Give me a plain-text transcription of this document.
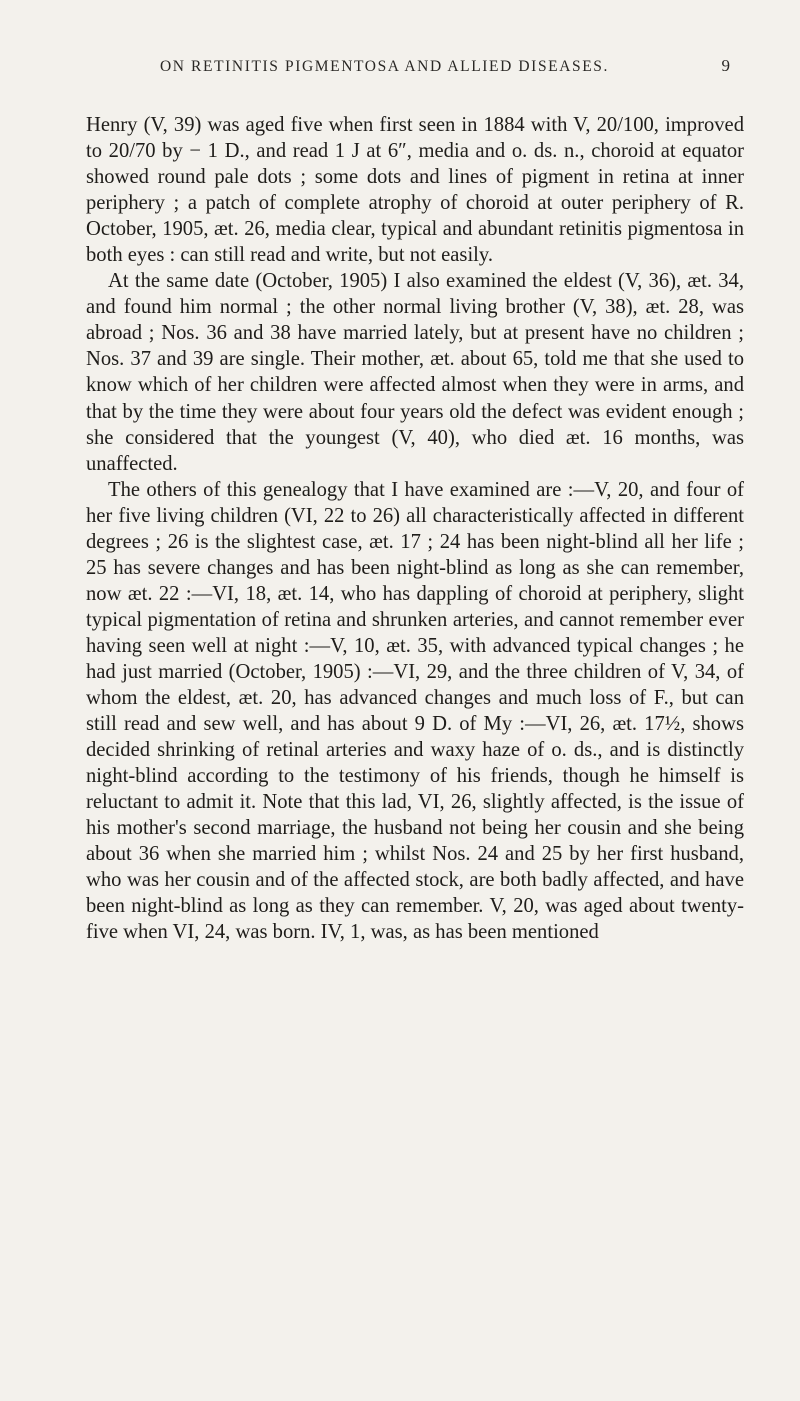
ON RETINITIS PIGMENTOSA AND ALLIED DISEASES.	9

Henry (V, 39) was aged five when first seen in 1884 with V, 20/100, improved to 20/70 by − 1 D., and read 1 J at 6″, media and o. ds. n., choroid at equator showed round pale dots ; some dots and lines of pigment in retina at inner periphery ; a patch of complete atrophy of choroid at outer periphery of R. October, 1905, æt. 26, media clear, typical and abundant retinitis pigmentosa in both eyes : can still read and write, but not easily.

At the same date (October, 1905) I also examined the eldest (V, 36), æt. 34, and found him normal ; the other normal living brother (V, 38), æt. 28, was abroad ; Nos. 36 and 38 have married lately, but at present have no children ; Nos. 37 and 39 are single. Their mother, æt. about 65, told me that she used to know which of her children were affected almost when they were in arms, and that by the time they were about four years old the defect was evident enough ; she considered that the youngest (V, 40), who died æt. 16 months, was unaffected.

The others of this genealogy that I have examined are :—V, 20, and four of her five living children (VI, 22 to 26) all characteristically affected in different degrees ; 26 is the slightest case, æt. 17 ; 24 has been night-blind all her life ; 25 has severe changes and has been night-blind as long as she can remember, now æt. 22 :—VI, 18, æt. 14, who has dappling of choroid at periphery, slight typical pigmentation of retina and shrunken arteries, and cannot remember ever having seen well at night :—V, 10, æt. 35, with advanced typical changes ; he had just married (October, 1905) :—VI, 29, and the three children of V, 34, of whom the eldest, æt. 20, has advanced changes and much loss of F., but can still read and sew well, and has about 9 D. of My :—VI, 26, æt. 17½, shows decided shrinking of retinal arteries and waxy haze of o. ds., and is distinctly night-blind according to the testimony of his friends, though he himself is reluctant to admit it. Note that this lad, VI, 26, slightly affected, is the issue of his mother's second marriage, the husband not being her cousin and she being about 36 when she married him ; whilst Nos. 24 and 25 by her first husband, who was her cousin and of the affected stock, are both badly affected, and have been night-blind as long as they can remember. V, 20, was aged about twenty-five when VI, 24, was born. IV, 1, was, as has been mentioned
